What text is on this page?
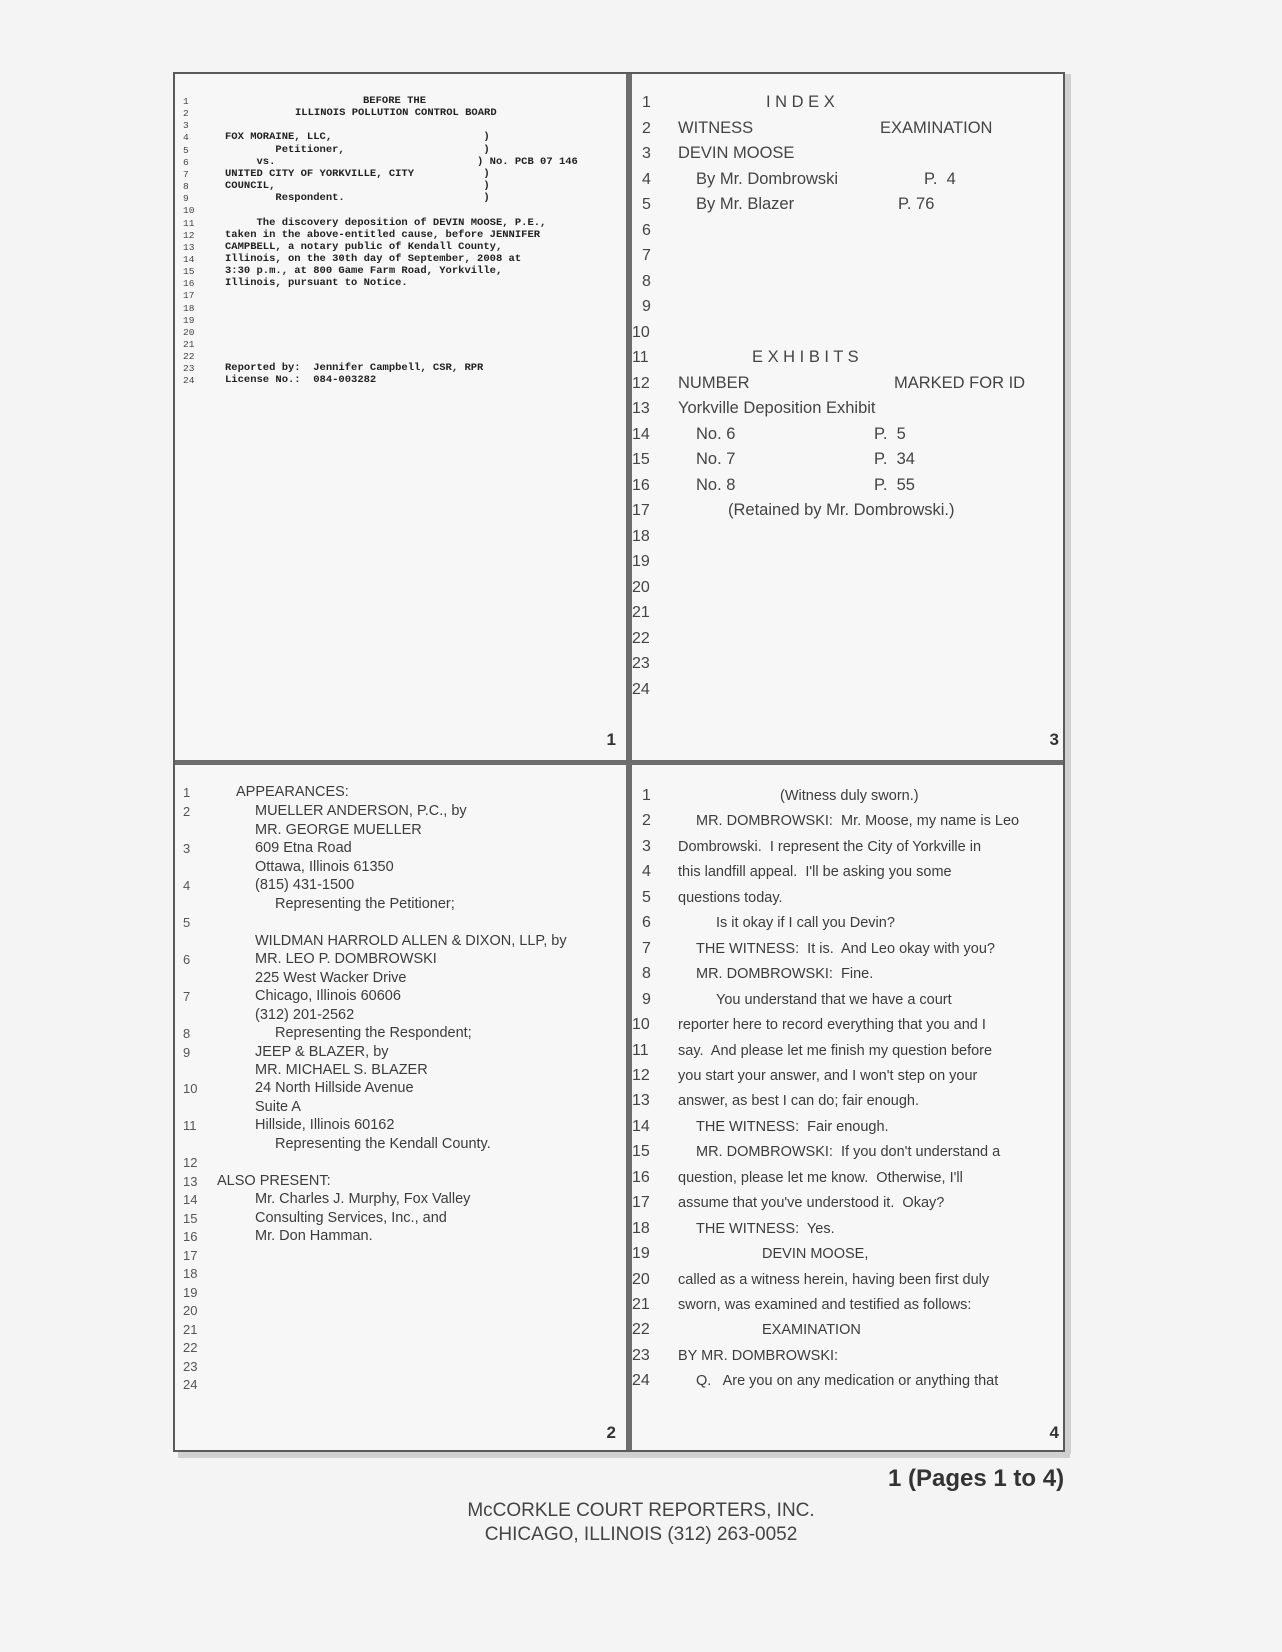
1
1
2
3
4
5
6
7
8
9
10
11
12
13
14
15
16
17
18
19
20
21
22
23
24
BEFORE THE
ILLINOIS POLLUTION CONTROL BOARD
FOX MORAINE, LLC,                        )
Petitioner,                      )
vs.                                ) No. PCB 07 146
UNITED CITY OF YORKVILLE, CITY           )
COUNCIL,                                 )
Respondent.                      )
The discovery deposition of DEVIN MOOSE, P.E.,
taken in the above-entitled cause, before JENNIFER
CAMPBELL, a notary public of Kendall County,
Illinois, on the 30th day of September, 2008 at
3:30 p.m., at 800 Game Farm Road, Yorkville,
Illinois, pursuant to Notice.
Reported by:  Jennifer Campbell, CSR, RPR
License No.:  084-003282
3
1
2
3
4
5
6
7
8
9
10
11
12
13
14
15
16
17
18
19
20
21
22
23
24
I N D E X
WITNESS	EXAMINATION
DEVIN MOOSE
By Mr. Dombrowski	P.  4
By Mr. Blazer	P. 76
E X H I B I T S
NUMBER	MARKED FOR ID
Yorkville Deposition Exhibit
No. 6	P.  5
No. 7	P.  34
No. 8	P.  55
(Retained by Mr. Dombrowski.)
2
1
2
3
4
5
6
7
8
9
10
11
12
13
14
15
16
17
18
19
20
21
22
23
24
APPEARANCES:
MUELLER ANDERSON, P.C., by
MR. GEORGE MUELLER
609 Etna Road
Ottawa, Illinois 61350
(815) 431-1500
Representing the Petitioner;
WILDMAN HARROLD ALLEN & DIXON, LLP, by
MR. LEO P. DOMBROWSKI
225 West Wacker Drive
Chicago, Illinois 60606
(312) 201-2562
Representing the Respondent;
JEEP & BLAZER, by
MR. MICHAEL S. BLAZER
24 North Hillside Avenue
Suite A
Hillside, Illinois 60162
Representing the Kendall County.
ALSO PRESENT:
Mr. Charles J. Murphy, Fox Valley
Consulting Services, Inc., and
Mr. Don Hamman.
4
1
2
3
4
5
6
7
8
9
10
11
12
13
14
15
16
17
18
19
20
21
22
23
24
(Witness duly sworn.)
MR. DOMBROWSKI:  Mr. Moose, my name is Leo
Dombrowski.  I represent the City of Yorkville in
this landfill appeal.  I'll be asking you some
questions today.
Is it okay if I call you Devin?
THE WITNESS:  It is.  And Leo okay with you?
MR. DOMBROWSKI:  Fine.
You understand that we have a court
reporter here to record everything that you and I
say.  And please let me finish my question before
you start your answer, and I won't step on your
answer, as best I can do; fair enough.
THE WITNESS:  Fair enough.
MR. DOMBROWSKI:  If you don't understand a
question, please let me know.  Otherwise, I'll
assume that you've understood it.  Okay?
THE WITNESS:  Yes.
DEVIN MOOSE,
called as a witness herein, having been first duly
sworn, was examined and testified as follows:
EXAMINATION
BY MR. DOMBROWSKI:
Q.   Are you on any medication or anything that
1 (Pages 1 to 4)
McCORKLE COURT REPORTERS, INC.
CHICAGO, ILLINOIS (312) 263-0052
